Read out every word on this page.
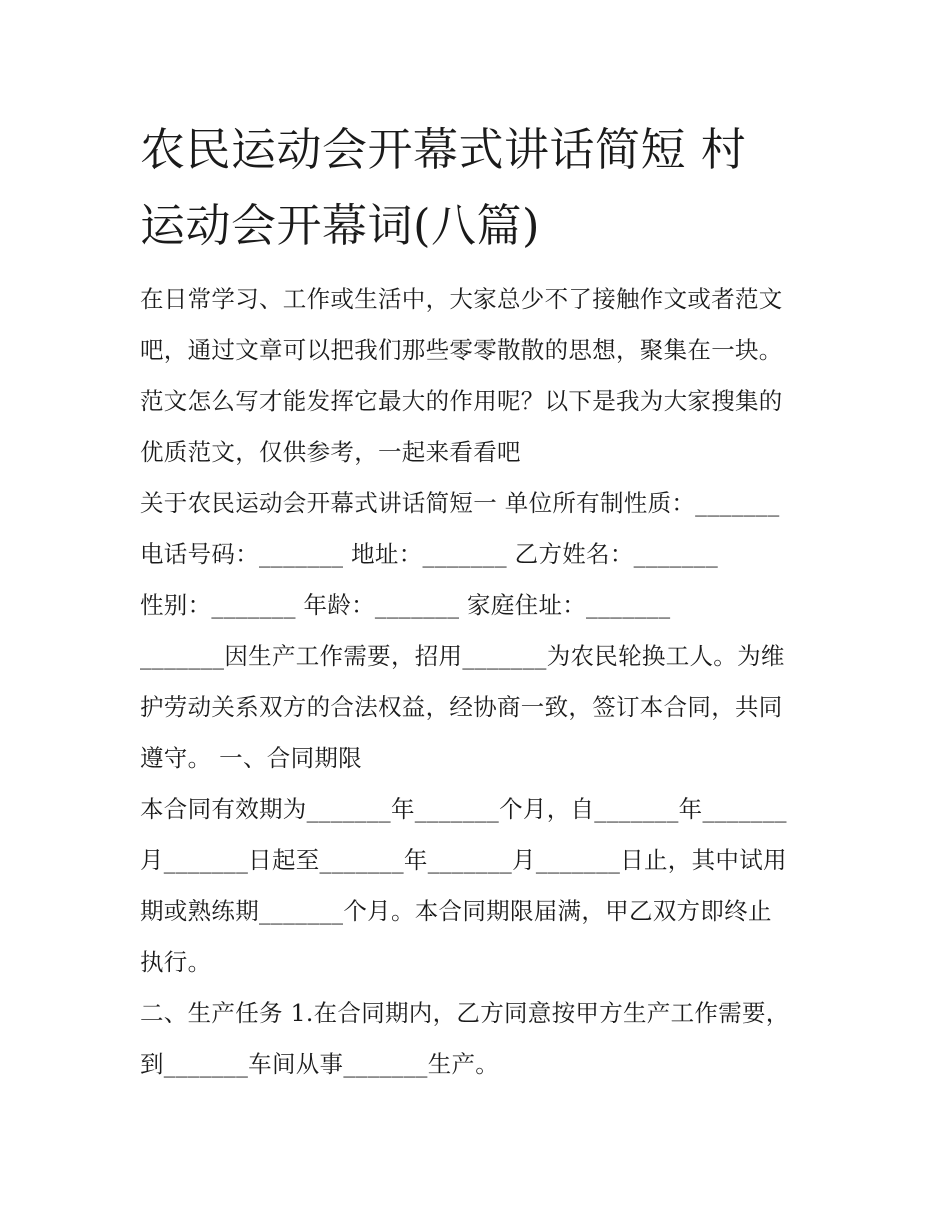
农民运动会开幕式讲话简短 村
运动会开幕词(八篇)
在日常学习、工作或生活中，大家总少不了接触作文或者范文
吧，通过文章可以把我们那些零零散散的思想，聚集在一块。
范文怎么写才能发挥它最大的作用呢？以下是我为大家搜集的
优质范文，仅供参考，一起来看看吧
关于农民运动会开幕式讲话简短一 单位所有制性质：_______
电话号码：_______ 地址：_______ 乙方姓名：_______
性别：_______ 年龄：_______ 家庭住址：_______
_______因生产工作需要，招用_______为农民轮换工人。为维
护劳动关系双方的合法权益，经协商一致，签订本合同，共同
遵守。 一、合同期限
本合同有效期为_______年_______个月，自_______年_______
月_______日起至_______年_______月_______日止，其中试用
期或熟练期_______个月。本合同期限届满，甲乙双方即终止
执行。
二、生产任务 1.在合同期内，乙方同意按甲方生产工作需要，
到_______车间从事_______生产。
